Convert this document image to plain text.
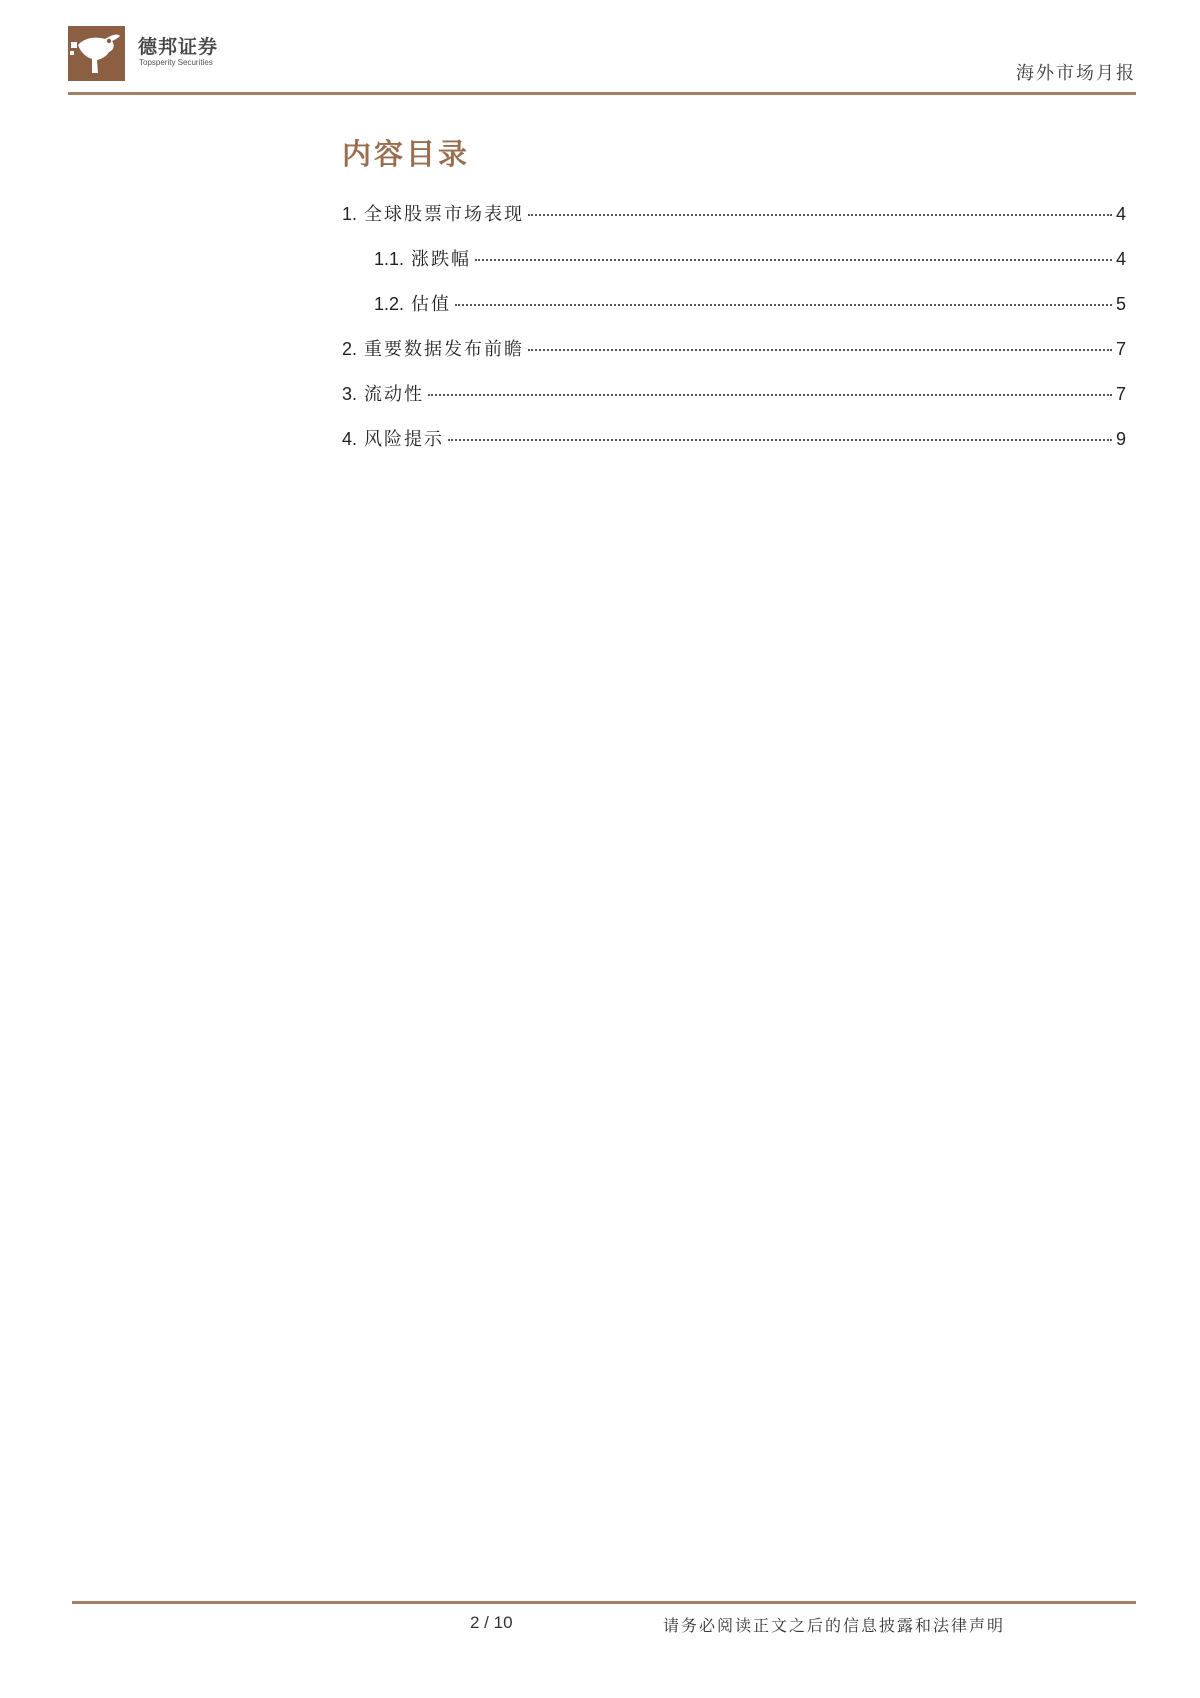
德邦证券
Topsperity Securities
海外市场月报
内容目录
1. 全球股票市场表现	4
1.1. 涨跌幅	4
1.2. 估值	5
2. 重要数据发布前瞻	7
3. 流动性	7
4. 风险提示	9
2 / 10	请务必阅读正文之后的信息披露和法律声明
